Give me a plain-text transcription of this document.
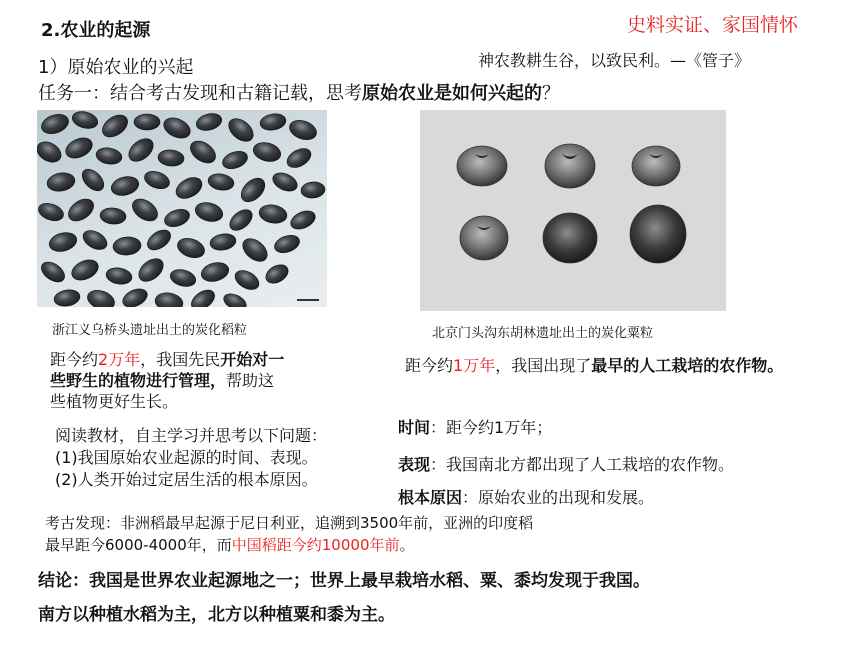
2.农业的起源	史料实证、家国情怀
1）原始农业的兴起	神农教耕生谷，以致民利。—《管子》
任务一：结合考古发现和古籍记载，思考原始农业是如何兴起的？
浙江义乌桥头遗址出土的炭化稻粒	北京门头沟东胡林遗址出土的炭化粟粒
距今约2万年，我国先民开始对一些野生的植物进行管理，帮助这些植物更好生长。
距今约1万年，我国出现了最早的人工栽培的农作物。
阅读教材，自主学习并思考以下问题：
(1)我国原始农业起源的时间、表现。
(2)人类开始过定居生活的根本原因。
时间：距今约1万年；
表现：我国南北方都出现了人工栽培的农作物。
根本原因：原始农业的出现和发展。
考古发现：非洲稻最早起源于尼日利亚，追溯到3500年前，亚洲的印度稻
最早距今6000-4000年，而中国稻距今约10000年前。
结论：我国是世界农业起源地之一；世界上最早栽培水稻、粟、黍均发现于我国。
南方以种植水稻为主，北方以种植粟和黍为主。
